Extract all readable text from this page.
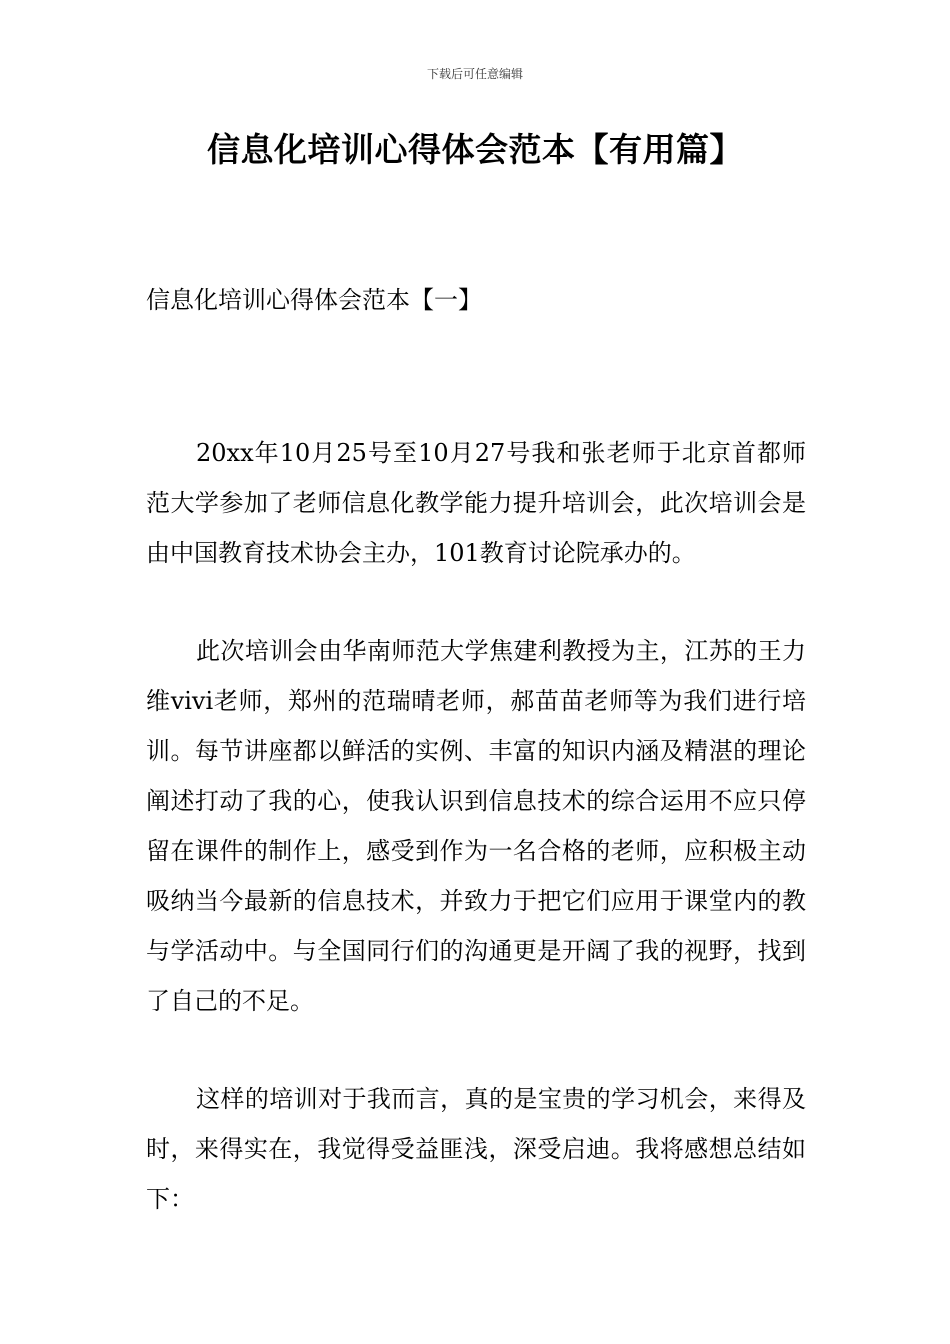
下载后可任意编辑
信息化培训心得体会范本【有用篇】
信息化培训心得体会范本【一】

20xx年10月25号至10月27号我和张老师于北京首都师范大学参加了老师信息化教学能力提升培训会，此次培训会是由中国教育技术协会主办，101教育讨论院承办的。

此次培训会由华南师范大学焦建利教授为主，江苏的王力维vivi老师，郑州的范瑞晴老师，郝苗苗老师等为我们进行培训。每节讲座都以鲜活的实例、丰富的知识内涵及精湛的理论阐述打动了我的心，使我认识到信息技术的综合运用不应只停留在课件的制作上，感受到作为一名合格的老师，应积极主动吸纳当今最新的信息技术，并致力于把它们应用于课堂内的教与学活动中。与全国同行们的沟通更是开阔了我的视野，找到了自己的不足。

这样的培训对于我而言，真的是宝贵的学习机会，来得及时，来得实在，我觉得受益匪浅，深受启迪。我将感想总结如下：
